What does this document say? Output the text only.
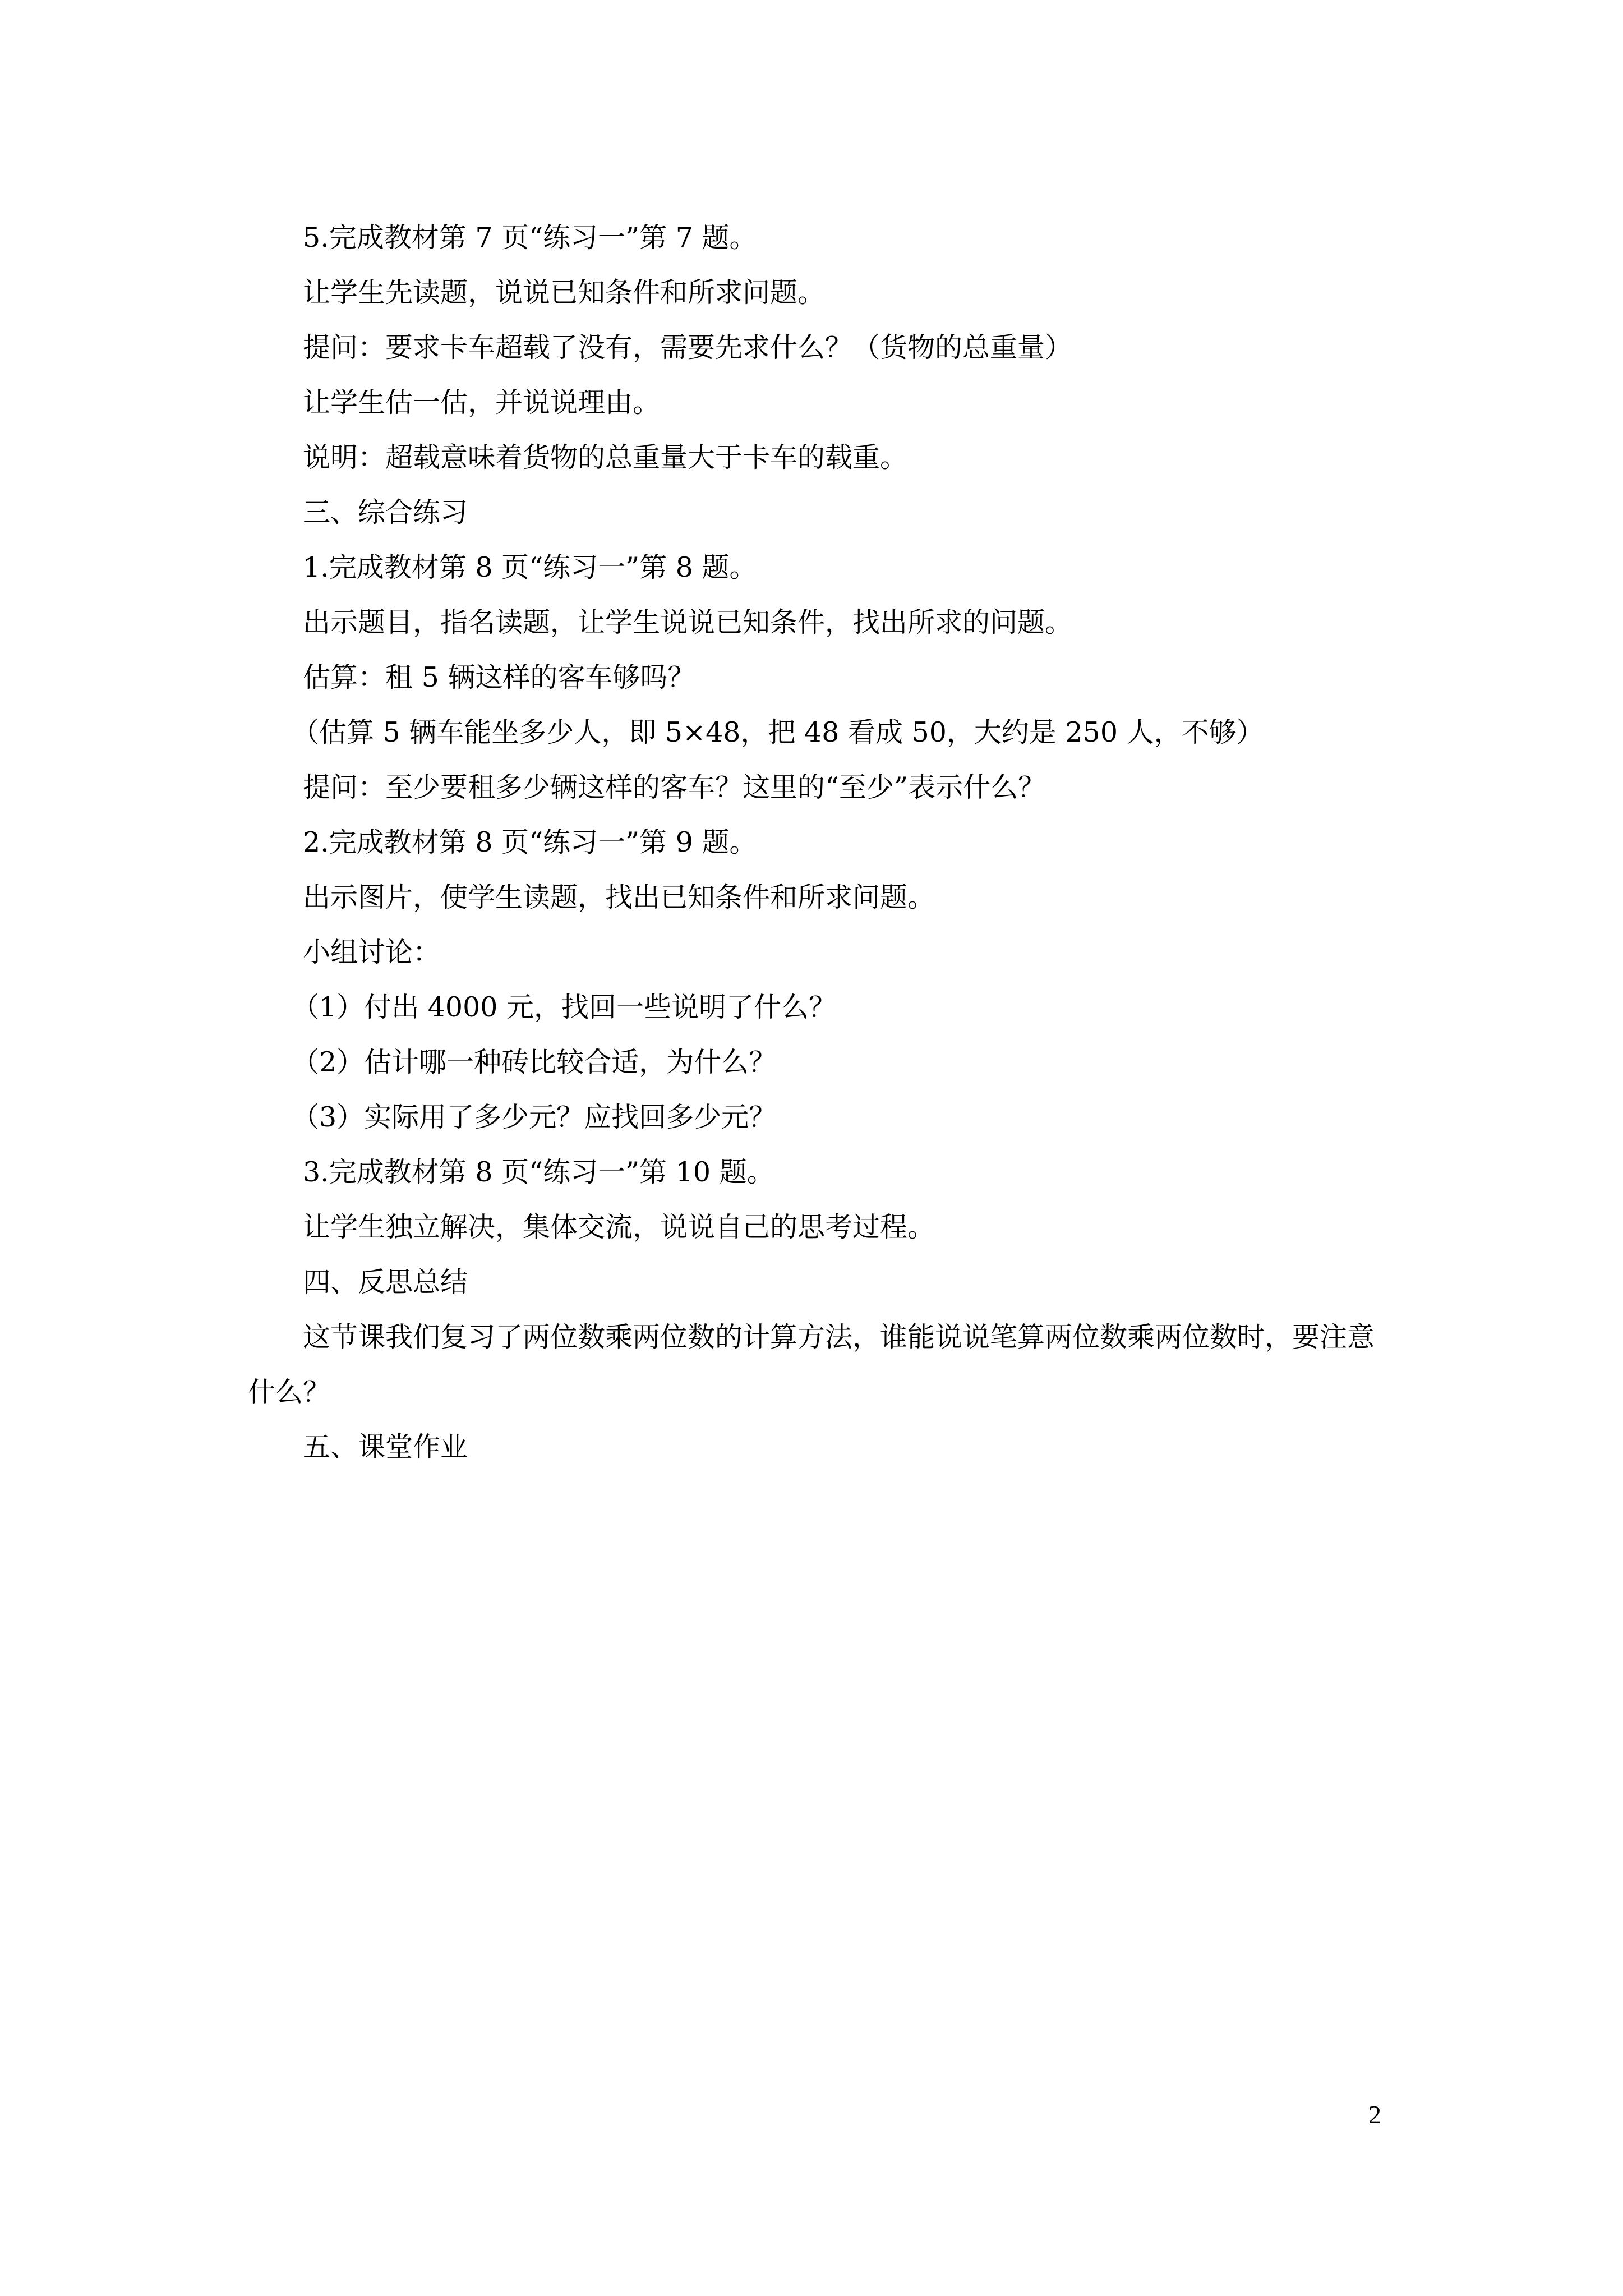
5.完成教材第 7 页“练习一”第 7 题。

让学生先读题，说说已知条件和所求问题。

提问：要求卡车超载了没有，需要先求什么？（货物的总重量）

让学生估一估，并说说理由。

说明：超载意味着货物的总重量大于卡车的载重。

三、综合练习

1.完成教材第 8 页“练习一”第 8 题。

出示题目，指名读题，让学生说说已知条件，找出所求的问题。

估算：租 5 辆这样的客车够吗？

（估算 5 辆车能坐多少人，即 5×48，把 48 看成 50，大约是 250 人，不够）

提问：至少要租多少辆这样的客车？这里的“至少”表示什么？

2.完成教材第 8 页“练习一”第 9 题。

出示图片，使学生读题，找出已知条件和所求问题。

小组讨论：

（1）付出 4000 元，找回一些说明了什么？

（2）估计哪一种砖比较合适，为什么？

（3）实际用了多少元？应找回多少元？

3.完成教材第 8 页“练习一”第 10 题。

让学生独立解决，集体交流，说说自己的思考过程。

四、反思总结

这节课我们复习了两位数乘两位数的计算方法，谁能说说笔算两位数乘两位数时，要注意什么？

五、课堂作业

2
